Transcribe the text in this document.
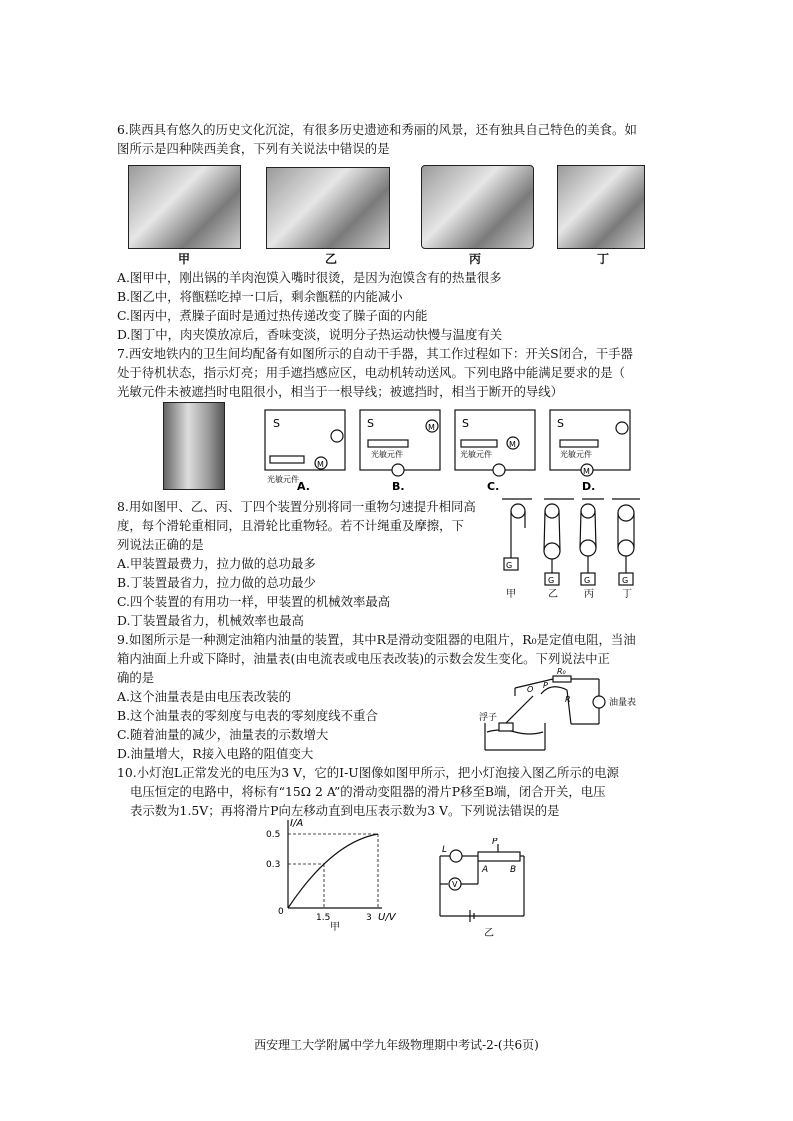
6.陕西具有悠久的历史文化沉淀，有很多历史遗迹和秀丽的风景，还有独具自己特色的美食。如
图所示是四种陕西美食，下列有关说法中错误的是
甲	乙	丙	丁
A.图甲中，刚出锅的羊肉泡馍入嘴时很烫，是因为泡馍含有的热量很多
B.图乙中，将甑糕吃掉一口后，剩余甑糕的内能减小
C.图丙中，煮臊子面时是通过热传递改变了臊子面的内能
D.图丁中，肉夹馍放凉后，香味变淡，说明分子热运动快慢与温度有关
7.西安地铁内的卫生间均配备有如图所示的自动干手器，其工作过程如下：开关S闭合，干手器
处于待机状态，指示灯亮；用手遮挡感应区，电动机转动送风。下列电路中能满足要求的是（
光敏元件未被遮挡时电阻很小，相当于一根导线；被遮挡时，相当于断开的导线）
S
光敏元件
M
S
光敏元件
M S
光敏元件
M
S
光敏元件
M
A.	B.	C.	D.
8.用如图甲、乙、丙、丁四个装置分别将同一重物匀速提升相同高
度，每个滑轮重相同，且滑轮比重物轻。若不计绳重及摩擦，下
列说法正确的是
A.甲装置最费力，拉力做的总功最多
B.丁装置最省力，拉力做的总功最少
C.四个装置的有用功一样，甲装置的机械效率最高
D.丁装置最省力，机械效率也最高
G
G	G	G
甲	乙	丙	丁
9.如图所示是一种测定油箱内油量的装置，其中R是滑动变阻器的电阻片，R₀是定值电阻，当油
箱内油面上升或下降时，油量表(由电流表或电压表改装)的示数会发生变化。下列说法中正
确的是
A.这个油量表是由电压表改装的
B.这个油量表的零刻度与电表的零刻度线不重合
C.随着油量的减少，油量表的示数增大
D.油量增大，R接入电路的阻值变大
R₀
R
O P
油量表
浮子
10.小灯泡L正常发光的电压为3 V，它的I-U图像如图甲所示，把小灯泡接入图乙所示的电源
电压恒定的电路中，将标有“15Ω 2 A”的滑动变阻器的滑片P移至B端，闭合开关，电压
表示数为1.5V；再将滑片P向左移动直到电压表示数为3 V。下列说法错误的是
I/A
U/V
0
1.5	3
0.3
0.5
甲
L
P
A B
V
乙
西安理工大学附属中学九年级物理期中考试-2-(共6页)
